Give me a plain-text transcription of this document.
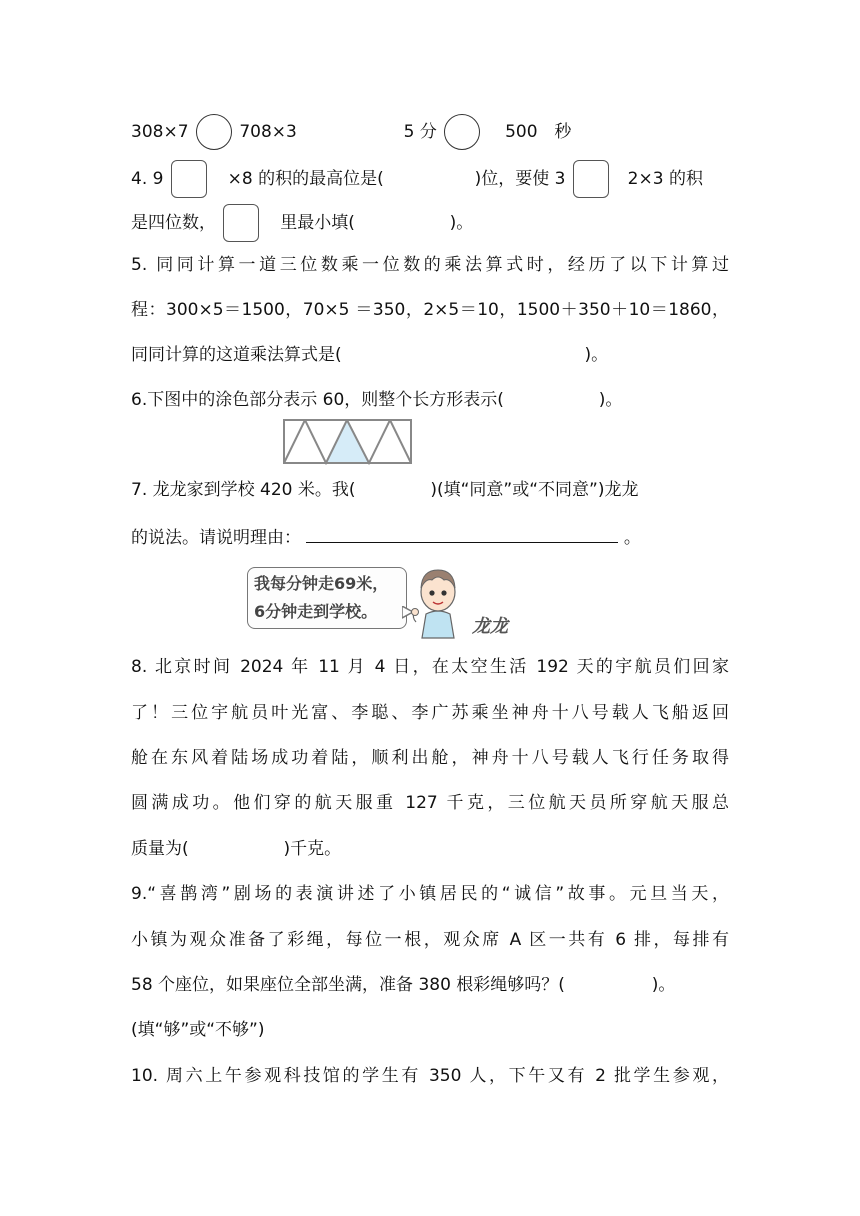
308×7	708×3	5 分	500 秒
4. 9	×8 的积的最高位是(	)位，要使 3	2×3 的积
是四位数，	里最小填(	)。
5. 同同计算一道三位数乘一位数的乘法算式时，经历了以下计算过
程：300×5＝1500，70×5 ＝350，2×5＝10，1500＋350＋10＝1860，
同同计算的这道乘法算式是(	)。
6.下图中的涂色部分表示 60，则整个长方形表示(	)。
7. 龙龙家到学校 420 米。我(	)(填“同意”或“不同意”)龙龙
的说法。请说明理由：	。
我每分钟走69米，
6分钟走到学校。
龙龙
8. 北京时间 2024 年 11 月 4 日，在太空生活 192 天的宇航员们回家
了！三位宇航员叶光富、李聪、李广苏乘坐神舟十八号载人飞船返回
舱在东风着陆场成功着陆，顺利出舱，神舟十八号载人飞行任务取得
圆满成功。他们穿的航天服重 127 千克，三位航天员所穿航天服总
质量为(	)千克。
9.“喜鹊湾”剧场的表演讲述了小镇居民的“诚信”故事。元旦当天，
小镇为观众准备了彩绳，每位一根，观众席 A 区一共有 6 排，每排有
58 个座位，如果座位全部坐满，准备 380 根彩绳够吗？(	)。
(填“够”或“不够”)
10. 周六上午参观科技馆的学生有 350 人，下午又有 2 批学生参观，
